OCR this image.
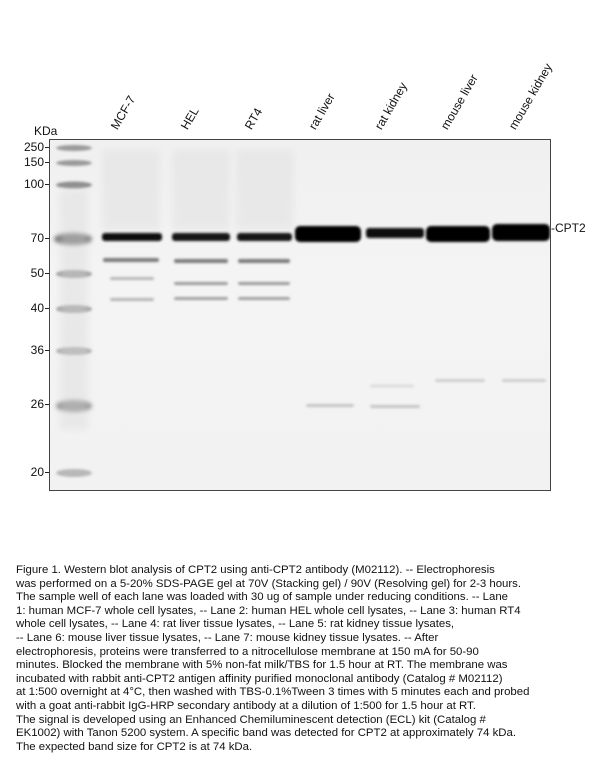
MCF-7	HEL	RT4	rat liver	rat kidney mouse liver mouse kidney
KDa
250
150
100
70
50
40
36
26
20
-CPT2

Figure 1. Western blot analysis of CPT2 using anti-CPT2 antibody (M02112). -- Electrophoresis

was performed on a 5-20% SDS-PAGE gel at 70V (Stacking gel) / 90V (Resolving gel) for 2-3 hours.

The sample well of each lane was loaded with 30 ug of sample under reducing conditions. -- Lane

1: human MCF-7 whole cell lysates, -- Lane 2: human HEL whole cell lysates, -- Lane 3: human RT4

whole cell lysates, -- Lane 4: rat liver tissue lysates, -- Lane 5: rat kidney tissue lysates,

-- Lane 6: mouse liver tissue lysates, -- Lane 7: mouse kidney tissue lysates. -- After

electrophoresis, proteins were transferred to a nitrocellulose membrane at 150 mA for 50-90

minutes. Blocked the membrane with 5% non-fat milk/TBS for 1.5 hour at RT. The membrane was

incubated with rabbit anti-CPT2 antigen affinity purified monoclonal antibody (Catalog # M02112)

at 1:500 overnight at 4°C, then washed with TBS-0.1%Tween 3 times with 5 minutes each and probed

with a goat anti-rabbit IgG-HRP secondary antibody at a dilution of 1:500 for 1.5 hour at RT.

The signal is developed using an Enhanced Chemiluminescent detection (ECL) kit (Catalog #

EK1002) with Tanon 5200 system. A specific band was detected for CPT2 at approximately 74 kDa.

The expected band size for CPT2 is at 74 kDa.
